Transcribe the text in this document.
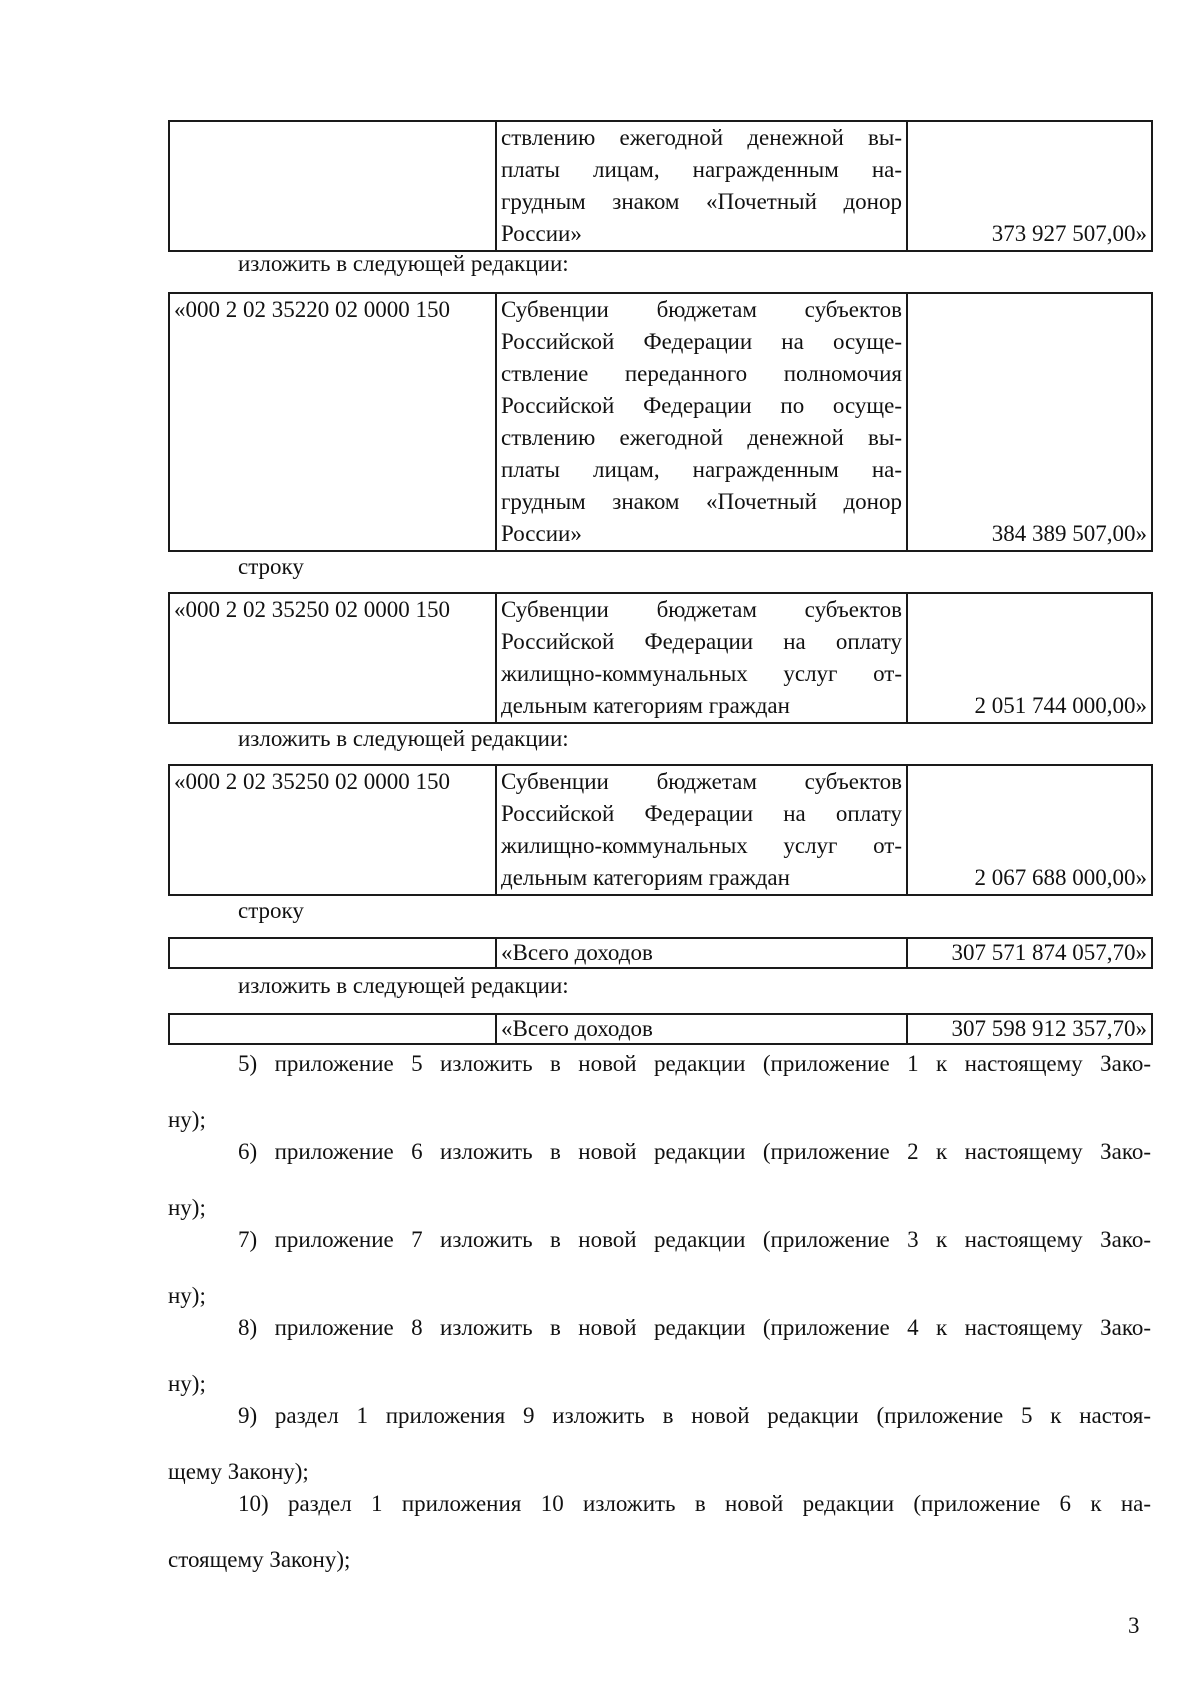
ствлению ежегодной денежной вы-
платы лицам, награжденным на-
грудным знаком «Почетный донор
России»	373 927 507,00»
изложить в следующей редакции:
«000 2 02 35220 02 0000 150	Субвенции бюджетам субъектов
Российской Федерации на осуще-
ствление переданного полномочия
Российской Федерации по осуще-
ствлению ежегодной денежной вы-
платы лицам, награжденным на-
грудным знаком «Почетный донор
России»	384 389 507,00»
строку
«000 2 02 35250 02 0000 150	Субвенции бюджетам субъектов
Российской Федерации на оплату
жилищно-коммунальных услуг от-
дельным категориям граждан	2 051 744 000,00»
изложить в следующей редакции:
«000 2 02 35250 02 0000 150	Субвенции бюджетам субъектов
Российской Федерации на оплату
жилищно-коммунальных услуг от-
дельным категориям граждан	2 067 688 000,00»
строку
	«Всего доходов	307 571 874 057,70»
изложить в следующей редакции:
	«Всего доходов	307 598 912 357,70»
5) приложение 5 изложить в новой редакции (приложение 1 к настоящему Зако-
ну);
6) приложение 6 изложить в новой редакции (приложение 2 к настоящему Зако-
ну);
7) приложение 7 изложить в новой редакции (приложение 3 к настоящему Зако-
ну);
8) приложение 8 изложить в новой редакции (приложение 4 к настоящему Зако-
ну);
9) раздел 1 приложения 9 изложить в новой редакции (приложение 5 к настоя-
щему Закону);
10) раздел 1 приложения 10 изложить в новой редакции (приложение 6 к на-
стоящему Закону);
3
